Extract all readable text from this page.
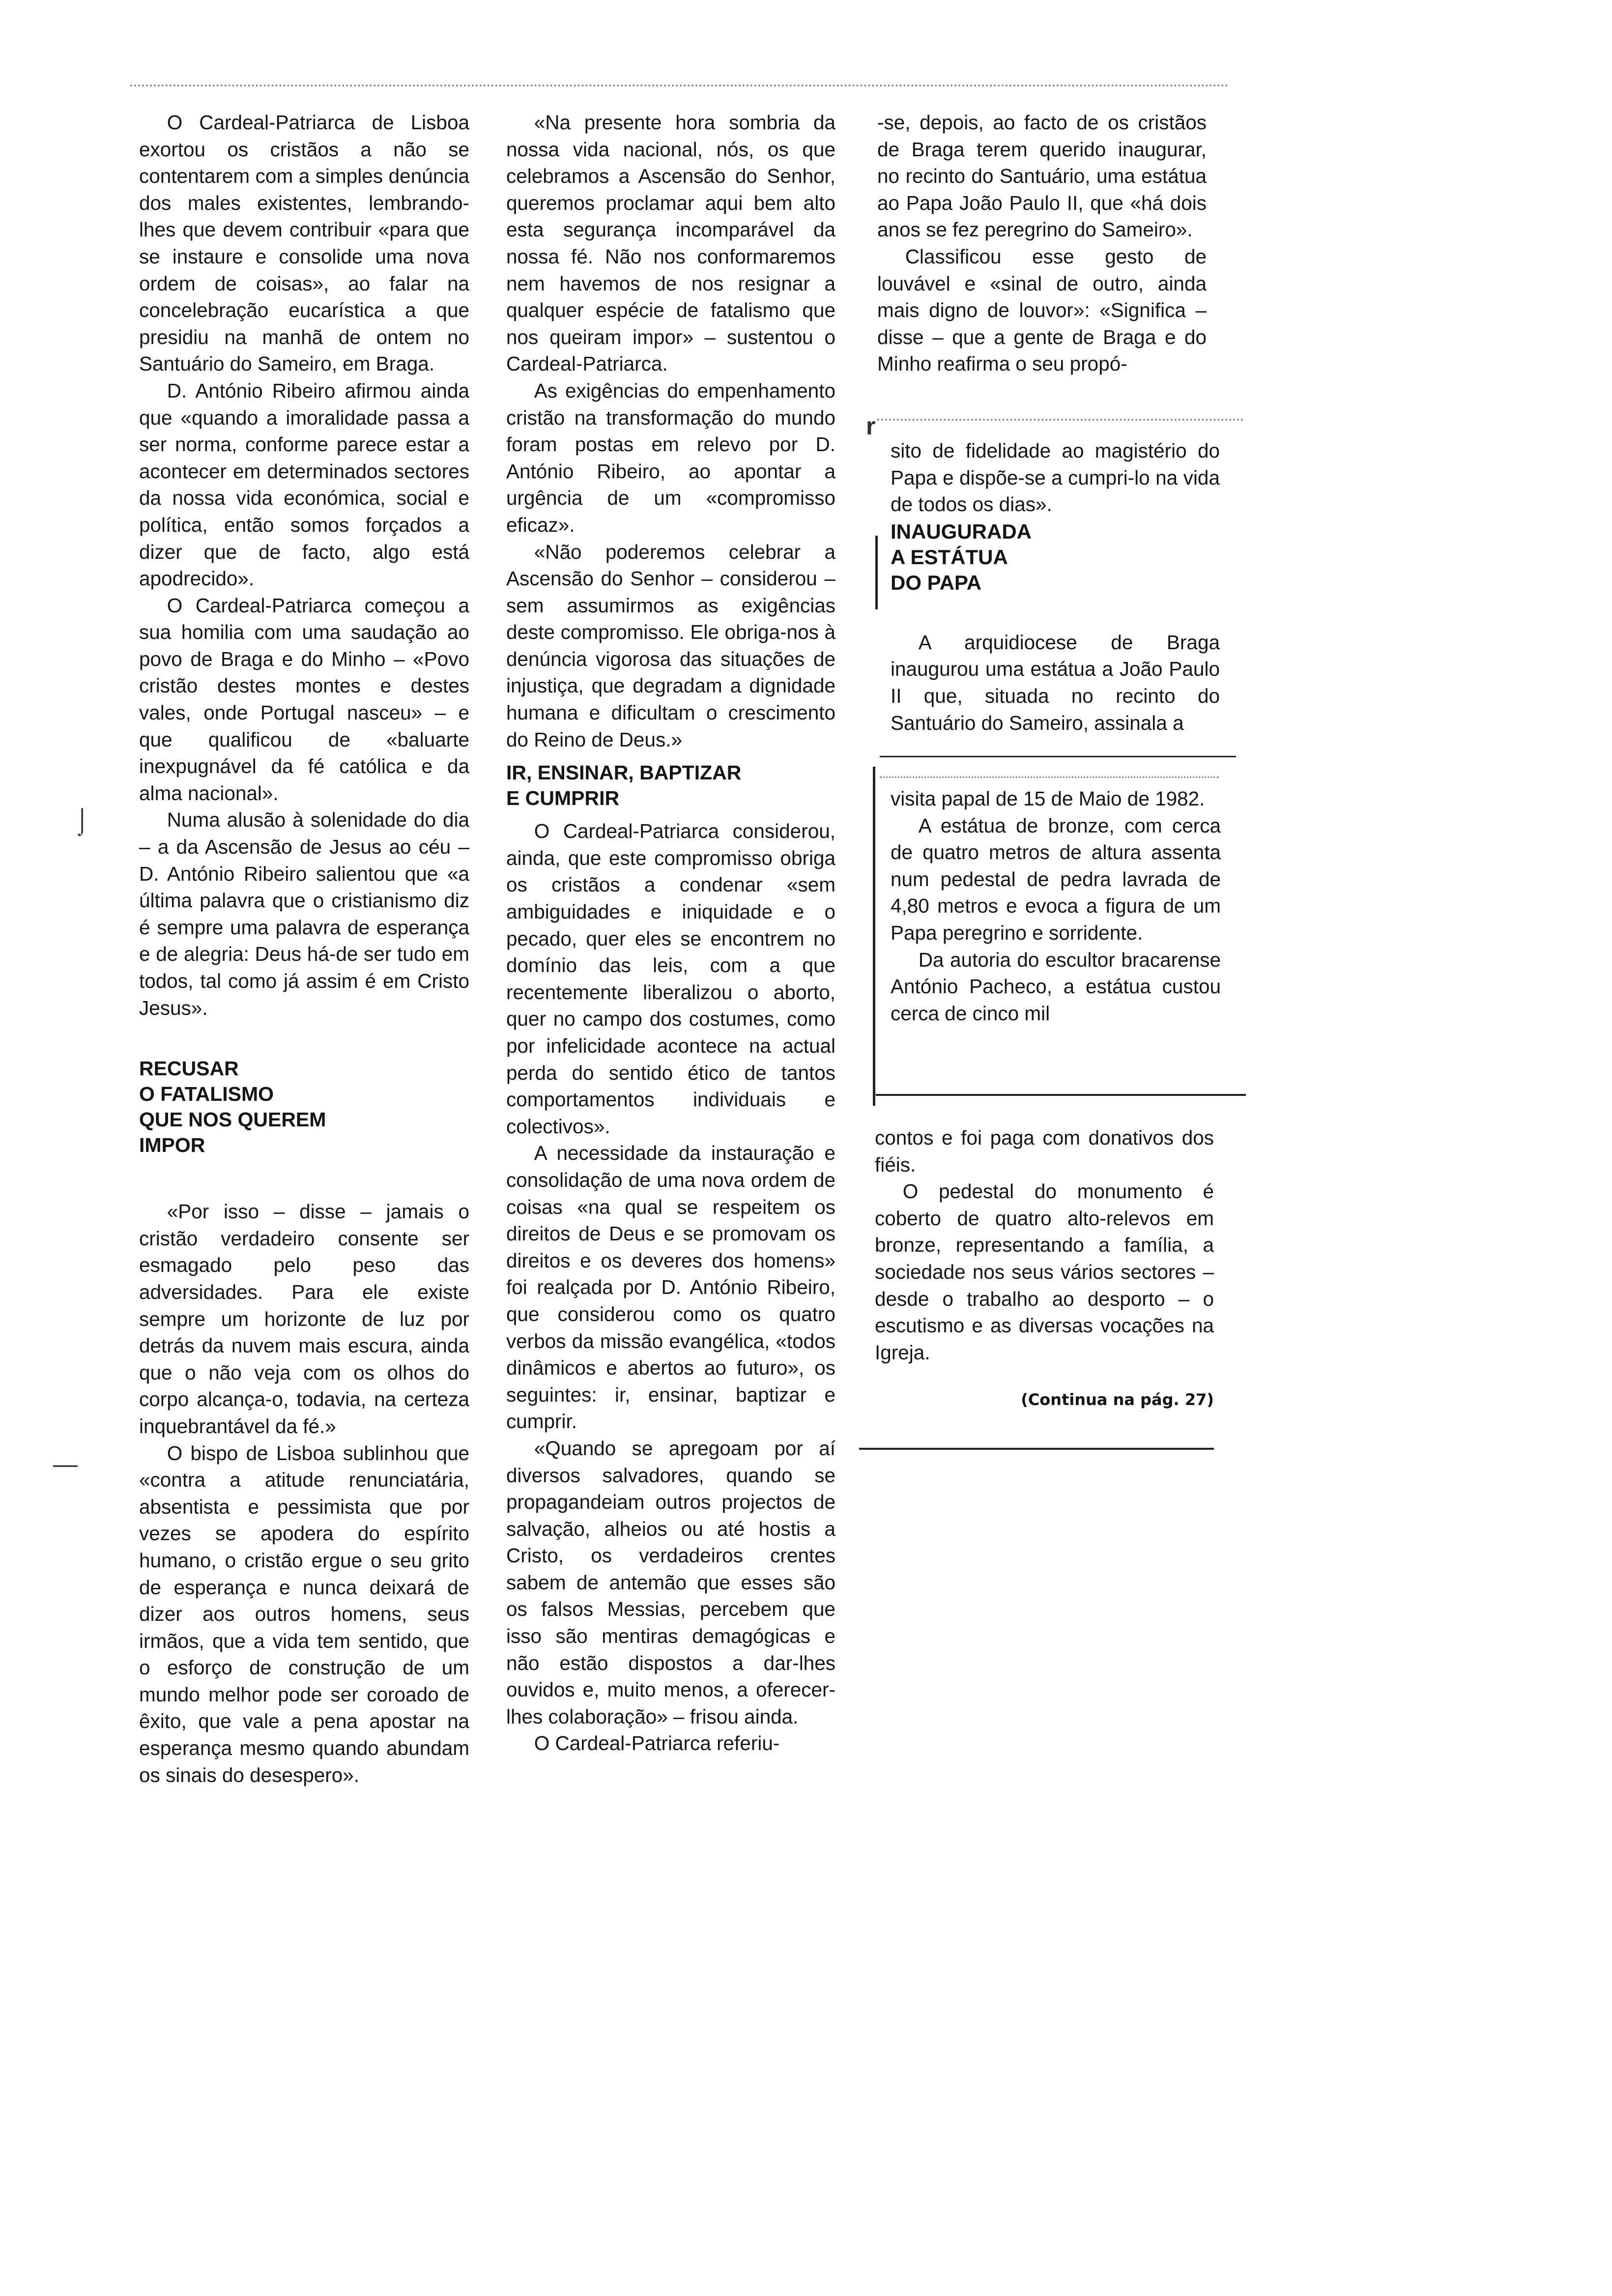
O Cardeal-Patriarca de Lisboa exortou os cristãos a não se contentarem com a simples denúncia dos males existentes, lembrando-lhes que devem contribuir «para que se instaure e consolide uma nova ordem de coisas», ao falar na concelebração eucarística a que presidiu na manhã de ontem no Santuário do Sameiro, em Braga.

D. António Ribeiro afirmou ainda que «quando a imoralidade passa a ser norma, conforme parece estar a acontecer em determinados sectores da nossa vida económica, social e política, então somos forçados a dizer que de facto, algo está apodrecido».

O Cardeal-Patriarca começou a sua homilia com uma saudação ao povo de Braga e do Minho – «Povo cristão destes montes e destes vales, onde Portugal nasceu» – e que qualificou de «baluarte inexpugnável da fé católica e da alma nacional».

Numa alusão à solenidade do dia – a da Ascensão de Jesus ao céu – D. António Ribeiro salientou que «a última palavra que o cristianismo diz é sempre uma palavra de esperança e de alegria: Deus há-de ser tudo em todos, tal como já assim é em Cristo Jesus».

RECUSAR
O FATALISMO
QUE NOS QUEREM
IMPOR

«Por isso – disse – jamais o cristão verdadeiro consente ser esmagado pelo peso das adversidades. Para ele existe sempre um horizonte de luz por detrás da nuvem mais escura, ainda que o não veja com os olhos do corpo alcança-o, todavia, na certeza inquebrantável da fé.»

O bispo de Lisboa sublinhou que «contra a atitude renunciatária, absentista e pessimista que por vezes se apodera do espírito humano, o cristão ergue o seu grito de esperança e nunca deixará de dizer aos outros homens, seus irmãos, que a vida tem sentido, que o esforço de construção de um mundo melhor pode ser coroado de êxito, que vale a pena apostar na esperança mesmo quando abundam os sinais do desespero».

«Na presente hora sombria da nossa vida nacional, nós, os que celebramos a Ascensão do Senhor, queremos proclamar aqui bem alto esta segurança incomparável da nossa fé. Não nos conformaremos nem havemos de nos resignar a qualquer espécie de fatalismo que nos queiram impor» – sustentou o Cardeal-Patriarca.

As exigências do empenhamento cristão na transformação do mundo foram postas em relevo por D. António Ribeiro, ao apontar a urgência de um «compromisso eficaz».

«Não poderemos celebrar a Ascensão do Senhor – considerou – sem assumirmos as exigências deste compromisso. Ele obriga-nos à denúncia vigorosa das situações de injustiça, que degradam a dignidade humana e dificultam o crescimento do Reino de Deus.»

IR, ENSINAR, BAPTIZAR
E CUMPRIR

O Cardeal-Patriarca considerou, ainda, que este compromisso obriga os cristãos a condenar «sem ambiguidades e iniquidade e o pecado, quer eles se encontrem no domínio das leis, com a que recentemente liberalizou o aborto, quer no campo dos costumes, como por infelicidade acontece na actual perda do sentido ético de tantos comportamentos individuais e colectivos».

A necessidade da instauração e consolidação de uma nova ordem de coisas «na qual se respeitem os direitos de Deus e se promovam os direitos e os deveres dos homens» foi realçada por D. António Ribeiro, que considerou como os quatro verbos da missão evangélica, «todos dinâmicos e abertos ao futuro», os seguintes: ir, ensinar, baptizar e cumprir.

«Quando se apregoam por aí diversos salvadores, quando se propagandeiam outros projectos de salvação, alheios ou até hostis a Cristo, os verdadeiros crentes sabem de antemão que esses são os falsos Messias, percebem que isso são mentiras demagógicas e não estão dispostos a dar-lhes ouvidos e, muito menos, a oferecer-lhes colaboração» – frisou ainda.

O Cardeal-Patriarca referiu-

-se, depois, ao facto de os cristãos de Braga terem querido inaugurar, no recinto do Santuário, uma estátua ao Papa João Paulo II, que «há dois anos se fez peregrino do Sameiro».

Classificou esse gesto de louvável e «sinal de outro, ainda mais digno de louvor»: «Significa – disse – que a gente de Braga e do Minho reafirma o seu propó-

r

sito de fidelidade ao magistério do Papa e dispõe-se a cumpri-lo na vida de todos os dias».

INAUGURADA
A ESTÁTUA
DO PAPA

A arquidiocese de Braga inaugurou uma estátua a João Paulo II que, situada no recinto do Santuário do Sameiro, assinala a

visita papal de 15 de Maio de 1982.

A estátua de bronze, com cerca de quatro metros de altura assenta num pedestal de pedra lavrada de 4,80 metros e evoca a figura de um Papa peregrino e sorridente.

Da autoria do escultor bracarense António Pacheco, a estátua custou cerca de cinco mil

contos e foi paga com donativos dos fiéis.

O pedestal do monumento é coberto de quatro alto-relevos em bronze, representando a família, a sociedade nos seus vários sectores – desde o trabalho ao desporto – o escutismo e as diversas vocações na Igreja.

(Continua na pág. 27)

⌡
—
